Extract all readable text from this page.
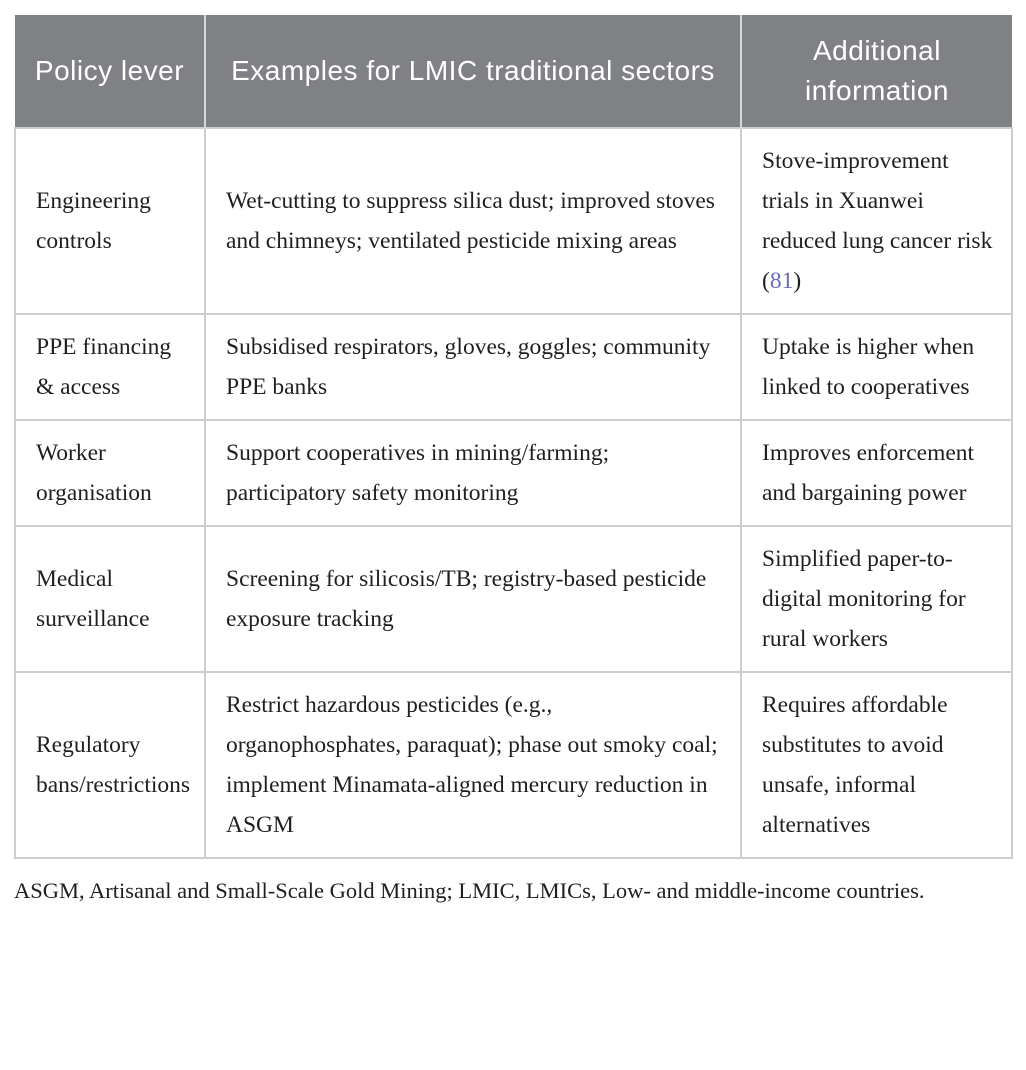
Policy lever	Examples for LMIC traditional sectors	Additional information
Engineering controls	Wet-cutting to suppress silica dust; improved stoves and chimneys; ventilated pesticide mixing areas	Stove-improvement trials in Xuanwei reduced lung cancer risk (81)
PPE financing & access	Subsidised respirators, gloves, goggles; community PPE banks	Uptake is higher when linked to cooperatives
Worker organisation	Support cooperatives in mining/farming; participatory safety monitoring	Improves enforcement and bargaining power
Medical surveillance	Screening for silicosis/TB; registry-based pesticide exposure tracking	Simplified paper-to-digital monitoring for rural workers
Regulatory bans/restrictions	Restrict hazardous pesticides (e.g., organophosphates, paraquat); phase out smoky coal; implement Minamata-aligned mercury reduction in ASGM	Requires affordable substitutes to avoid unsafe, informal alternatives
ASGM, Artisanal and Small-Scale Gold Mining; LMIC, LMICs, Low- and middle-income countries.
